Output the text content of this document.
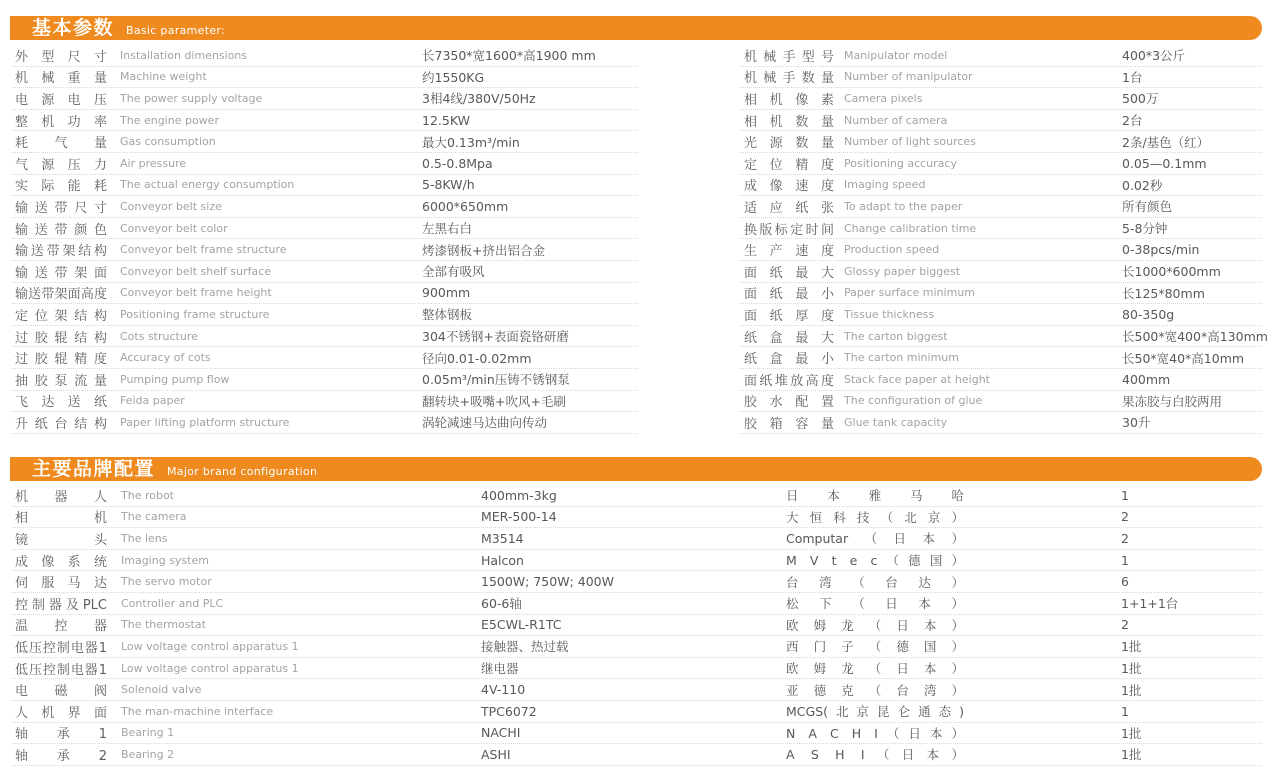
基本参数 Basic parameter:
外型尺寸 Installation dimensions	长7350*宽1600*高1900 mm
机械重量 Machine weight	约1550KG
电源电压 The power supply voltage	3相4线/380V/50Hz
整机功率 The engine power	12.5KW
耗气量 Gas consumption	最大0.13m³/min
气源压力 Air pressure	0.5-0.8Mpa
实际能耗 The actual energy consumption	5-8KW/h
输送带尺寸 Conveyor belt size	6000*650mm
输送带颜色 Conveyor belt color	左黑右白
输送带架结构 Conveyor belt frame structure	烤漆钢板+挤出铝合金
输送带架面 Conveyor belt shelf surface	全部有吸风
输送带架面高度 Conveyor belt frame height	900mm
定位架结构 Positioning frame structure	整体钢板
过胶辊结构 Cots structure	304不锈钢+表面瓷铬研磨
过胶辊精度 Accuracy of cots	径向0.01-0.02mm
抽胶泵流量 Pumping pump flow	0.05m³/min压铸不锈钢泵
飞达送纸 Feida paper	翻转块+吸嘴+吹风+毛刷
升纸台结构 Paper lifting platform structure	涡轮减速马达曲向传动
机械手型号 Manipulator model	400*3公斤
机械手数量 Number of manipulator	1台
相机像素 Camera pixels	500万
相机数量 Number of camera	2台
光源数量 Number of light sources	2条/基色（红）
定位精度 Positioning accuracy	0.05—0.1mm
成像速度 Imaging speed	0.02秒
适应纸张 To adapt to the paper	所有颜色
换版标定时间 Change calibration time	5-8分钟
生产速度 Production speed	0-38pcs/min
面纸最大 Glossy paper biggest	长1000*600mm
面纸最小 Paper surface minimum	长125*80mm
面纸厚度 Tissue thickness	80-350g
纸盒最大 The carton biggest	长500*宽400*高130mm
纸盒最小 The carton minimum	长50*宽40*高10mm
面纸堆放高度 Stack face paper at height	400mm
胶水配置 The configuration of glue	果冻胶与白胶两用
胶箱容量 Glue tank capacity	30升
主要品牌配置 Major brand configuration
机器人 The robot	400mm-3kg	日本雅马哈	1
相机 The camera	MER-500-14	大恒科技（北京）	2
镜头 The lens	M3514	Computar（日本）	2
成像系统 Imaging system	Halcon	M V t e c（德国）	1
伺服马达 The servo motor	1500W; 750W; 400W	台湾（台达）	6
控制器及PLC Controller and PLC	60-6轴	松下（日本）	1+1+1台
温控器 The thermostat	E5CWL-R1TC	欧姆龙（日本）	2
低压控制电器1 Low voltage control apparatus 1	接触器、热过载	西门子（德国）	1批
低压控制电器1 Low voltage control apparatus 1	继电器	欧姆龙（日本）	1批
电磁阀 Solenoid valve	4V-110	亚德克（台湾）	1批
人机界面 The man-machine interface	TPC6072	MCGS(北京昆仑通态)	1
轴承1 Bearing 1	NACHI	N A C H I（日本）	1批
轴承2 Bearing 2	ASHI	A S H I（日本）	1批
